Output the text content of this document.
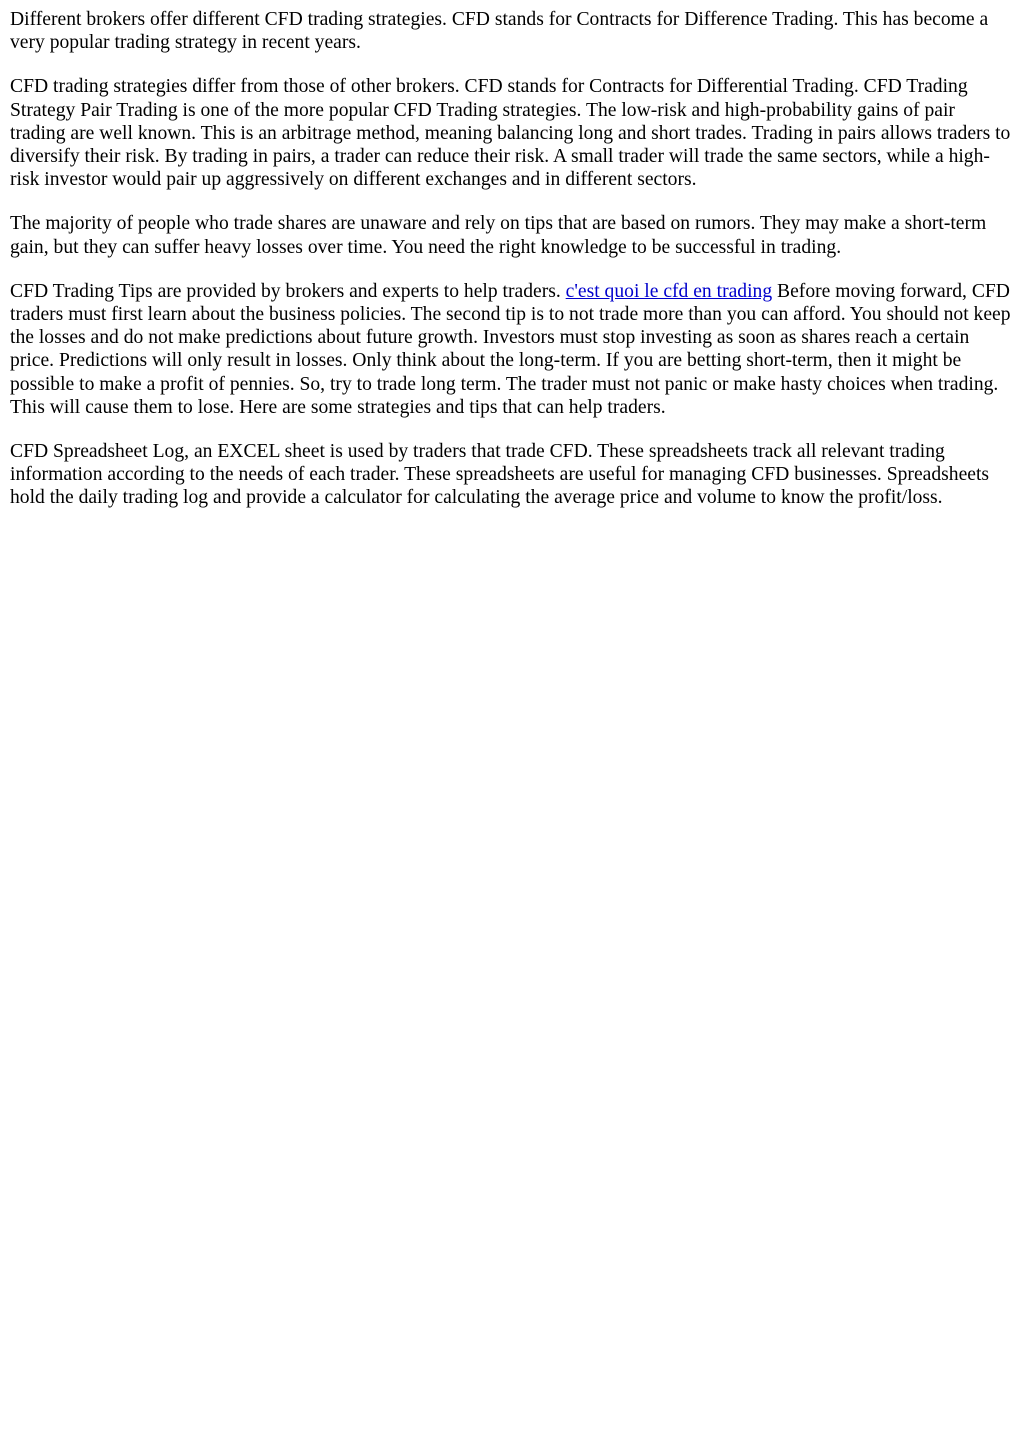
Different brokers offer different CFD trading strategies. CFD stands for Contracts for Difference Trading. This has become a very popular trading strategy in recent years.

CFD trading strategies differ from those of other brokers. CFD stands for Contracts for Differential Trading. CFD Trading Strategy Pair Trading is one of the more popular CFD Trading strategies. The low-risk and high-probability gains of pair trading are well known. This is an arbitrage method, meaning balancing long and short trades. Trading in pairs allows traders to diversify their risk. By trading in pairs, a trader can reduce their risk. A small trader will trade the same sectors, while a high-risk investor would pair up aggressively on different exchanges and in different sectors.

The majority of people who trade shares are unaware and rely on tips that are based on rumors. They may make a short-term gain, but they can suffer heavy losses over time. You need the right knowledge to be successful in trading.

CFD Trading Tips are provided by brokers and experts to help traders. c'est quoi le cfd en trading Before moving forward, CFD traders must first learn about the business policies. The second tip is to not trade more than you can afford. You should not keep the losses and do not make predictions about future growth. Investors must stop investing as soon as shares reach a certain price. Predictions will only result in losses. Only think about the long-term. If you are betting short-term, then it might be possible to make a profit of pennies. So, try to trade long term. The trader must not panic or make hasty choices when trading. This will cause them to lose. Here are some strategies and tips that can help traders.

CFD Spreadsheet Log, an EXCEL sheet is used by traders that trade CFD. These spreadsheets track all relevant trading information according to the needs of each trader. These spreadsheets are useful for managing CFD businesses. Spreadsheets hold the daily trading log and provide a calculator for calculating the average price and volume to know the profit/loss.
